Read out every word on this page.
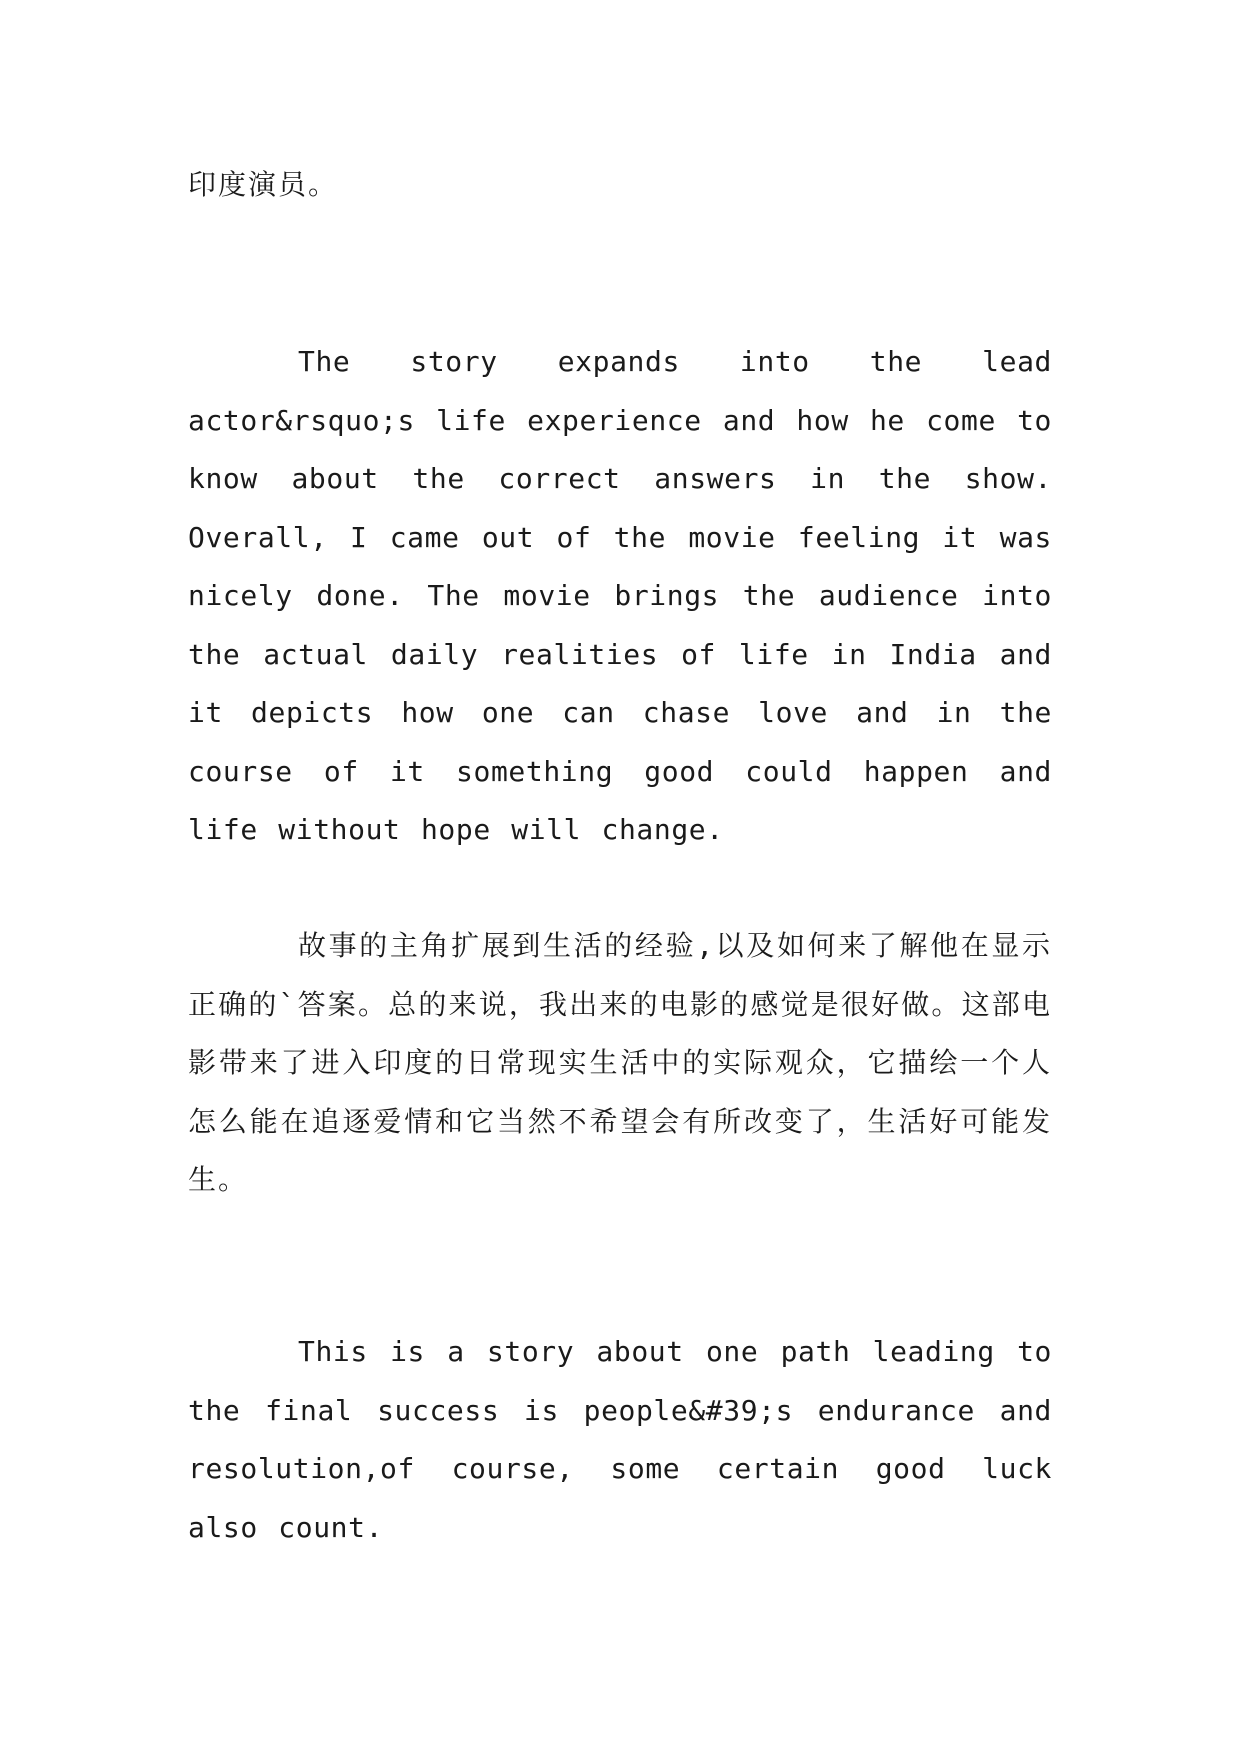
印度演员。

The story expands into the lead actor&rsquo;s life experience and how he come to know about the correct answers in the show. Overall, I came out of the movie feeling it was nicely done. The movie brings the audience into the actual daily realities of life in India and it depicts how one can chase love and in the course of it something good could happen and life without hope will change.

故事的主角扩展到生活的经验,以及如何来了解他在显示正确的`答案。总的来说，我出来的电影的感觉是很好做。这部电影带来了进入印度的日常现实生活中的实际观众，它描绘一个人怎么能在追逐爱情和它当然不希望会有所改变了，生活好可能发生。

This is a story about one path leading to the final success is people&#39;s endurance and resolution,of course, some certain good luck also count.
